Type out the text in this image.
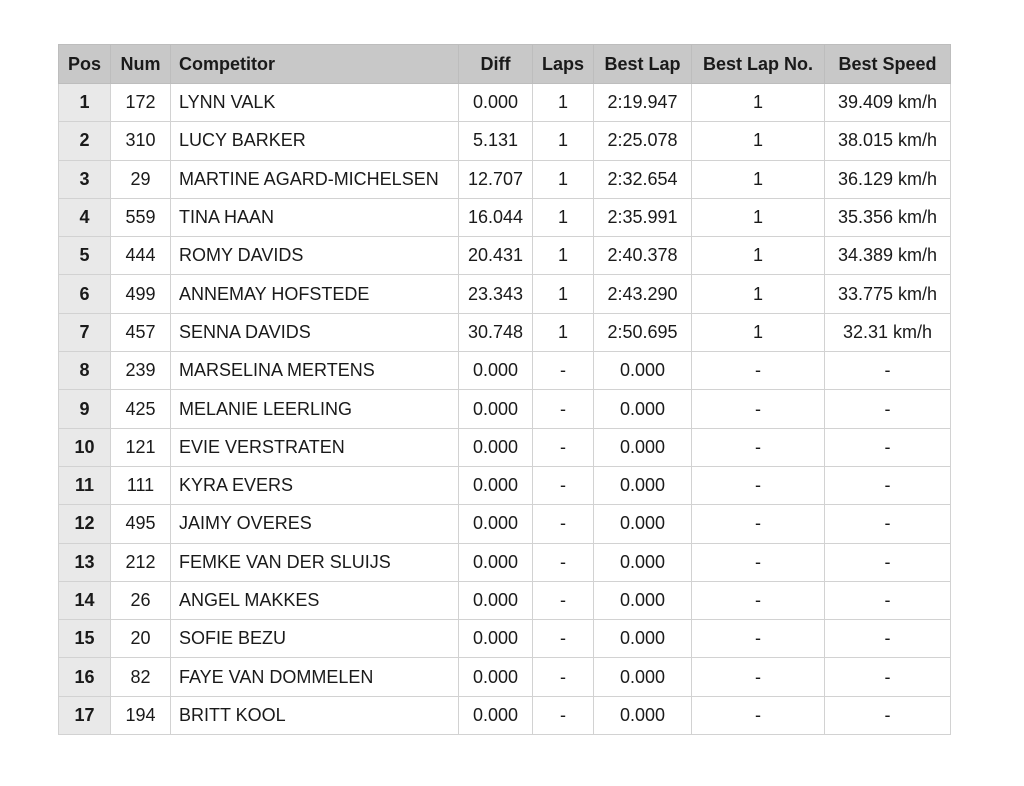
Pos	Num	Competitor	Diff	Laps	Best Lap	Best Lap No.	Best Speed
1	172	LYNN VALK	0.000	1	2:19.947	1	39.409 km/h
2	310	LUCY BARKER	5.131	1	2:25.078	1	38.015 km/h
3	29	MARTINE AGARD-MICHELSEN	12.707	1	2:32.654	1	36.129 km/h
4	559	TINA HAAN	16.044	1	2:35.991	1	35.356 km/h
5	444	ROMY DAVIDS	20.431	1	2:40.378	1	34.389 km/h
6	499	ANNEMAY HOFSTEDE	23.343	1	2:43.290	1	33.775 km/h
7	457	SENNA DAVIDS	30.748	1	2:50.695	1	32.31 km/h
8	239	MARSELINA MERTENS	0.000	-	0.000	-	-
9	425	MELANIE LEERLING	0.000	-	0.000	-	-
10	121	EVIE VERSTRATEN	0.000	-	0.000	-	-
11	111	KYRA EVERS	0.000	-	0.000	-	-
12	495	JAIMY OVERES	0.000	-	0.000	-	-
13	212	FEMKE VAN DER SLUIJS	0.000	-	0.000	-	-
14	26	ANGEL MAKKES	0.000	-	0.000	-	-
15	20	SOFIE BEZU	0.000	-	0.000	-	-
16	82	FAYE VAN DOMMELEN	0.000	-	0.000	-	-
17	194	BRITT KOOL	0.000	-	0.000	-	-
